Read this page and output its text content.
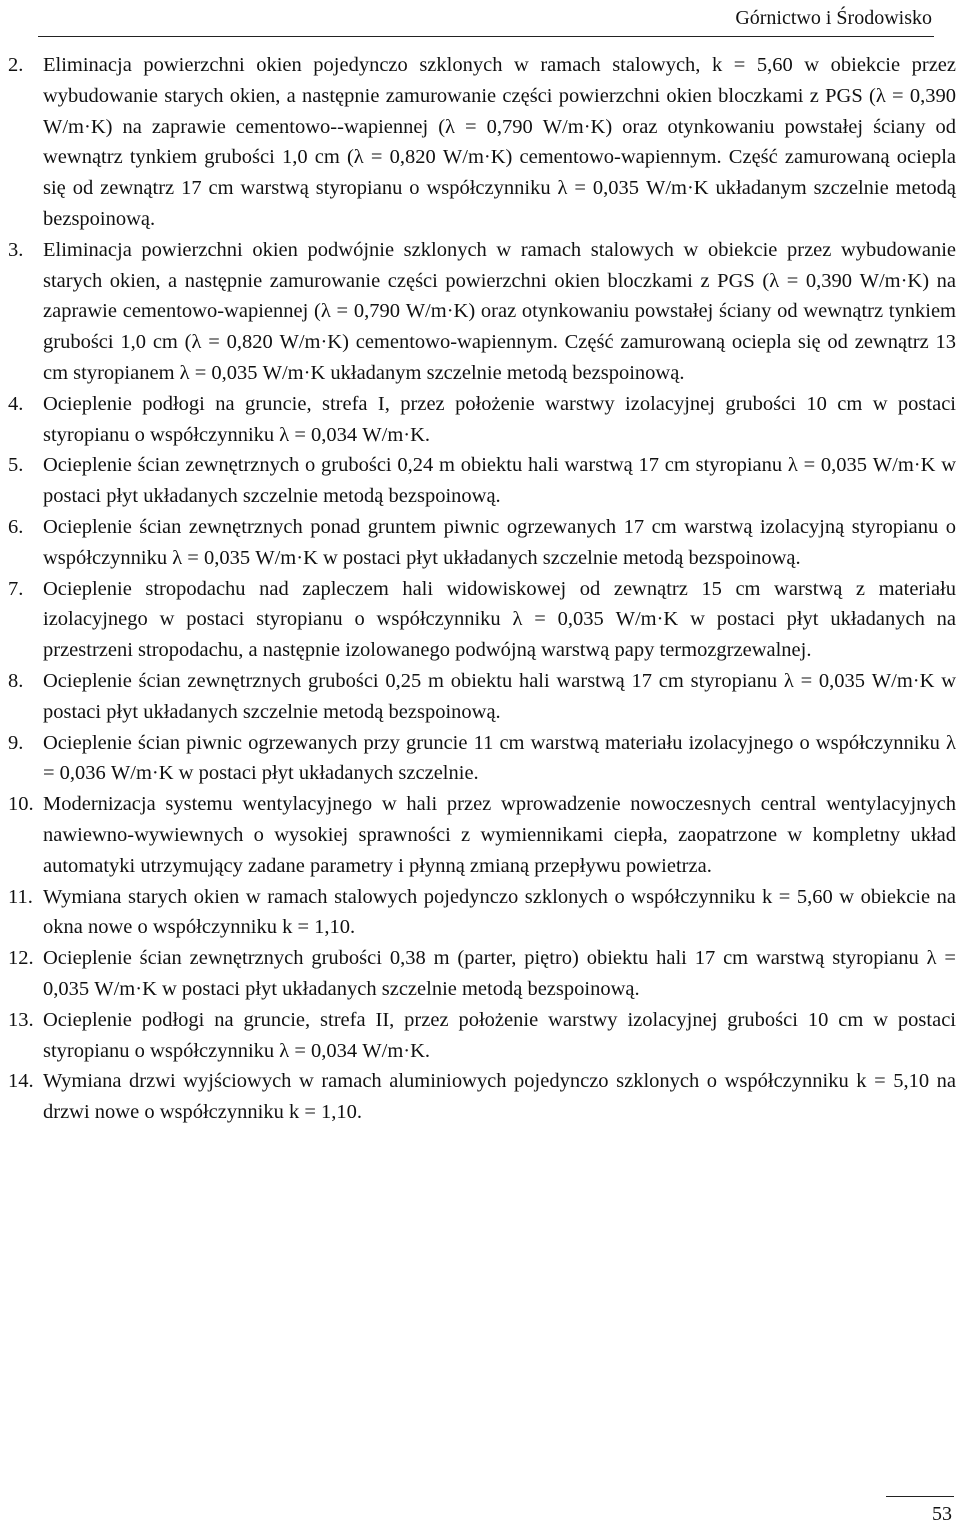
Górnictwo i Środowisko
2. Eliminacja powierzchni okien pojedynczo szklonych w ramach stalowych, k = 5,60 w obiekcie przez wybudowanie starych okien, a następnie zamurowanie części powierzchni okien bloczkami z PGS (λ = 0,390 W/m·K) na zaprawie cementowo--wapiennej (λ = 0,790 W/m·K) oraz otynkowaniu powstałej ściany od wewnątrz tynkiem grubości 1,0 cm (λ = 0,820 W/m·K) cementowo-wapiennym. Część zamurowaną ociepla się od zewnątrz 17 cm warstwą styropianu o współczynniku λ = 0,035 W/m·K układanym szczelnie metodą bezspoinową.
3. Eliminacja powierzchni okien podwójnie szklonych w ramach stalowych w obiekcie przez wybudowanie starych okien, a następnie zamurowanie części powierzchni okien bloczkami z PGS (λ = 0,390 W/m·K) na zaprawie cementowo-wapiennej (λ = 0,790 W/m·K) oraz otynkowaniu powstałej ściany od wewnątrz tynkiem grubości 1,0 cm (λ = 0,820 W/m·K) cementowo-wapiennym. Część zamurowaną ociepla się od zewnątrz 13 cm styropianem λ = 0,035 W/m·K układanym szczelnie metodą bezspoinową.
4. Ocieplenie podłogi na gruncie, strefa I, przez położenie warstwy izolacyjnej grubości 10 cm w postaci styropianu o współczynniku λ = 0,034 W/m·K.
5. Ocieplenie ścian zewnętrznych o grubości 0,24 m obiektu hali warstwą 17 cm styropianu λ = 0,035 W/m·K w postaci płyt układanych szczelnie metodą bezspoinową.
6. Ocieplenie ścian zewnętrznych ponad gruntem piwnic ogrzewanych 17 cm warstwą izolacyjną styropianu o współczynniku λ = 0,035 W/m·K w postaci płyt układanych szczelnie metodą bezspoinową.
7. Ocieplenie stropodachu nad zapleczem hali widowiskowej od zewnątrz 15 cm warstwą z materiału izolacyjnego w postaci styropianu o współczynniku λ = 0,035 W/m·K w postaci płyt układanych na przestrzeni stropodachu, a następnie izolowanego podwójną warstwą papy termozgrzewalnej.
8. Ocieplenie ścian zewnętrznych grubości 0,25 m obiektu hali warstwą 17 cm styropianu λ = 0,035 W/m·K w postaci płyt układanych szczelnie metodą bezspoinową.
9. Ocieplenie ścian piwnic ogrzewanych przy gruncie 11 cm warstwą materiału izolacyjnego o współczynniku λ = 0,036 W/m·K w postaci płyt układanych szczelnie.
10. Modernizacja systemu wentylacyjnego w hali przez wprowadzenie nowoczesnych central wentylacyjnych nawiewno-wywiewnych o wysokiej sprawności z wymiennikami ciepła, zaopatrzone w kompletny układ automatyki utrzymujący zadane parametry i płynną zmianą przepływu powietrza.
11. Wymiana starych okien w ramach stalowych pojedynczo szklonych o współczynniku k = 5,60 w obiekcie na okna nowe o współczynniku k = 1,10.
12. Ocieplenie ścian zewnętrznych grubości 0,38 m (parter, piętro) obiektu hali 17 cm warstwą styropianu λ = 0,035 W/m·K w postaci płyt układanych szczelnie metodą bezspoinową.
13. Ocieplenie podłogi na gruncie, strefa II, przez położenie warstwy izolacyjnej grubości 10 cm w postaci styropianu o współczynniku λ = 0,034 W/m·K.
14. Wymiana drzwi wyjściowych w ramach aluminiowych pojedynczo szklonych o współczynniku k = 5,10 na drzwi nowe o współczynniku k = 1,10.
53
